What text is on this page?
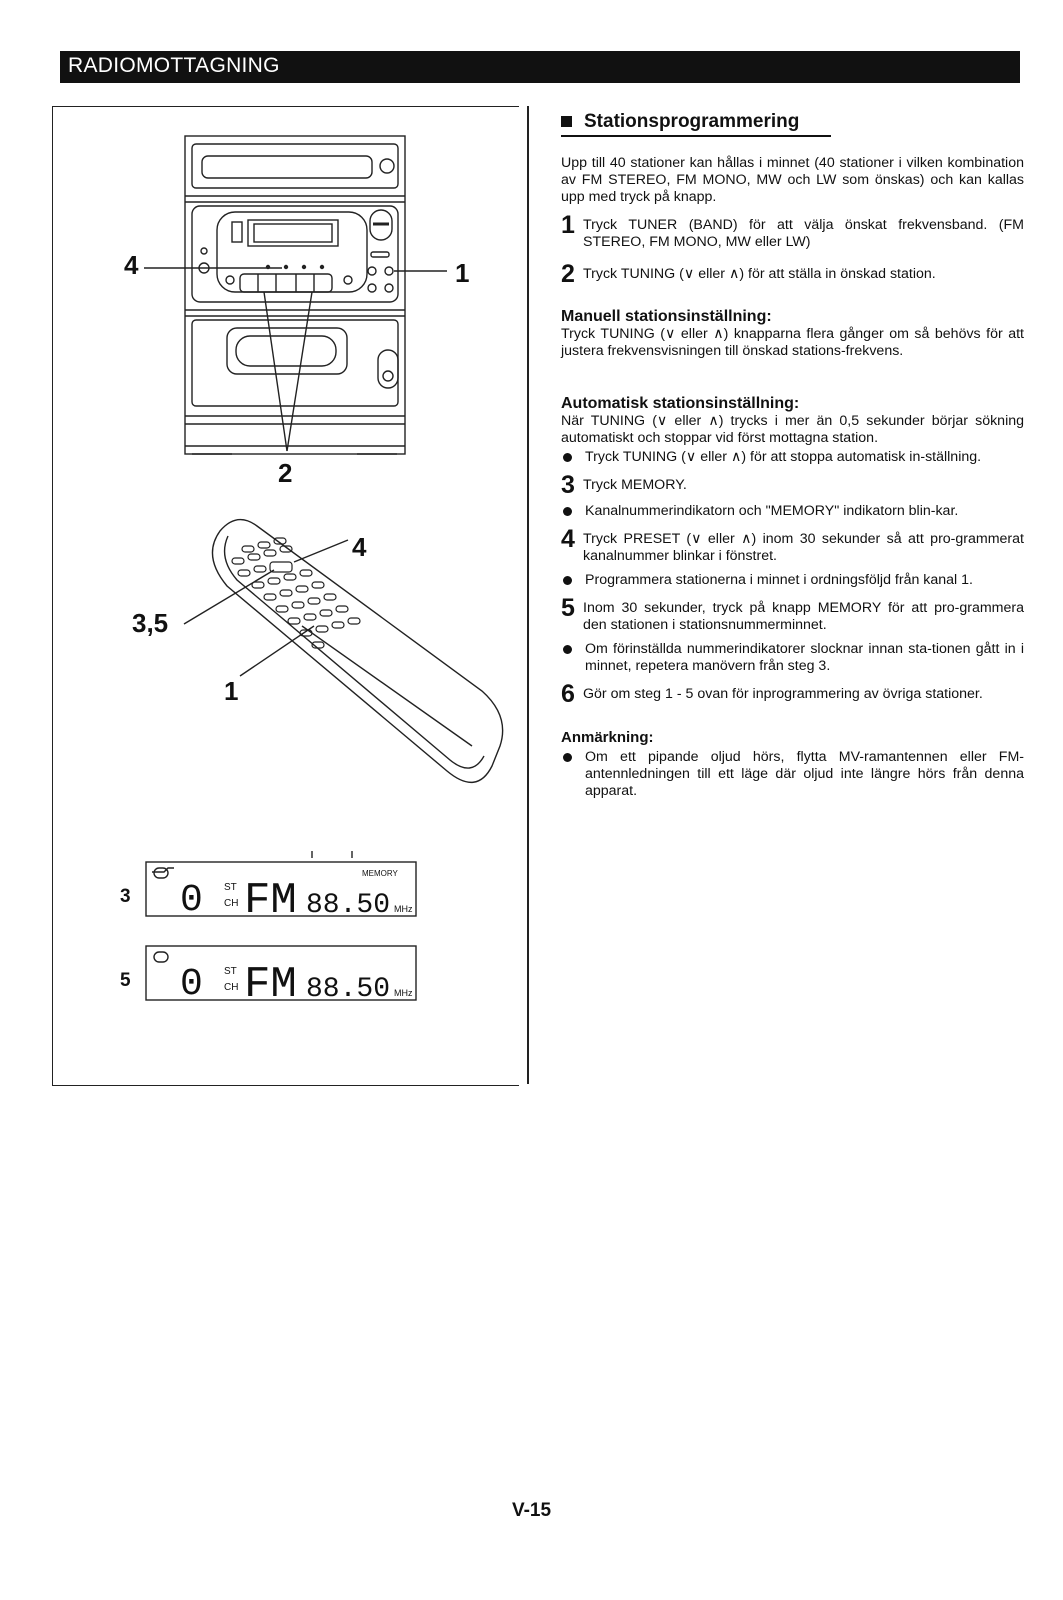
RADIOMOTTAGNING
4	1
2
4
3,5
1
3 0 ST
CH FM 88.50 MHz
MEMORY
5 0 ST
CH FM 88.50 MHz
Stationsprogrammering

Upp till 40 stationer kan hållas i minnet (40 stationer i vilken kombination av FM STEREO, FM MONO, MW och LW som önskas) och kan kallas upp med tryck på knapp.

1 Tryck TUNER (BAND) för att välja önskat frekvensband. (FM STEREO, FM MONO, MW eller LW)

2 Tryck TUNING (∨ eller ∧) för att ställa in önskad station.

Manuell stationsinställning:

Tryck TUNING (∨ eller ∧) knapparna flera gånger om så behövs för att justera frekvensvisningen till önskad stations-frekvens.

Automatisk stationsinställning:

När TUNING (∨ eller ∧) trycks i mer än 0,5 sekunder börjar sökning automatiskt och stoppar vid först mottagna station.

Tryck TUNING (∨ eller ∧) för att stoppa automatisk in-ställning.

3 Tryck MEMORY.

Kanalnummerindikatorn och "MEMORY" indikatorn blin-kar.

4 Tryck PRESET (∨ eller ∧) inom 30 sekunder så att pro-grammerat kanalnummer blinkar i fönstret.

Programmera stationerna i minnet i ordningsföljd från kanal 1.

5 Inom 30 sekunder, tryck på knapp MEMORY för att pro-grammera den stationen i stationsnummerminnet.

Om förinställda nummerindikatorer slocknar innan sta-tionen gått in i minnet, repetera manövern från steg 3.

6 Gör om steg 1 - 5 ovan för inprogrammering av övriga stationer.

Anmärkning:

Om ett pipande oljud hörs, flytta MV-ramantennen eller FM-antennledningen till ett läge där oljud inte längre hörs från denna apparat.

V-15
